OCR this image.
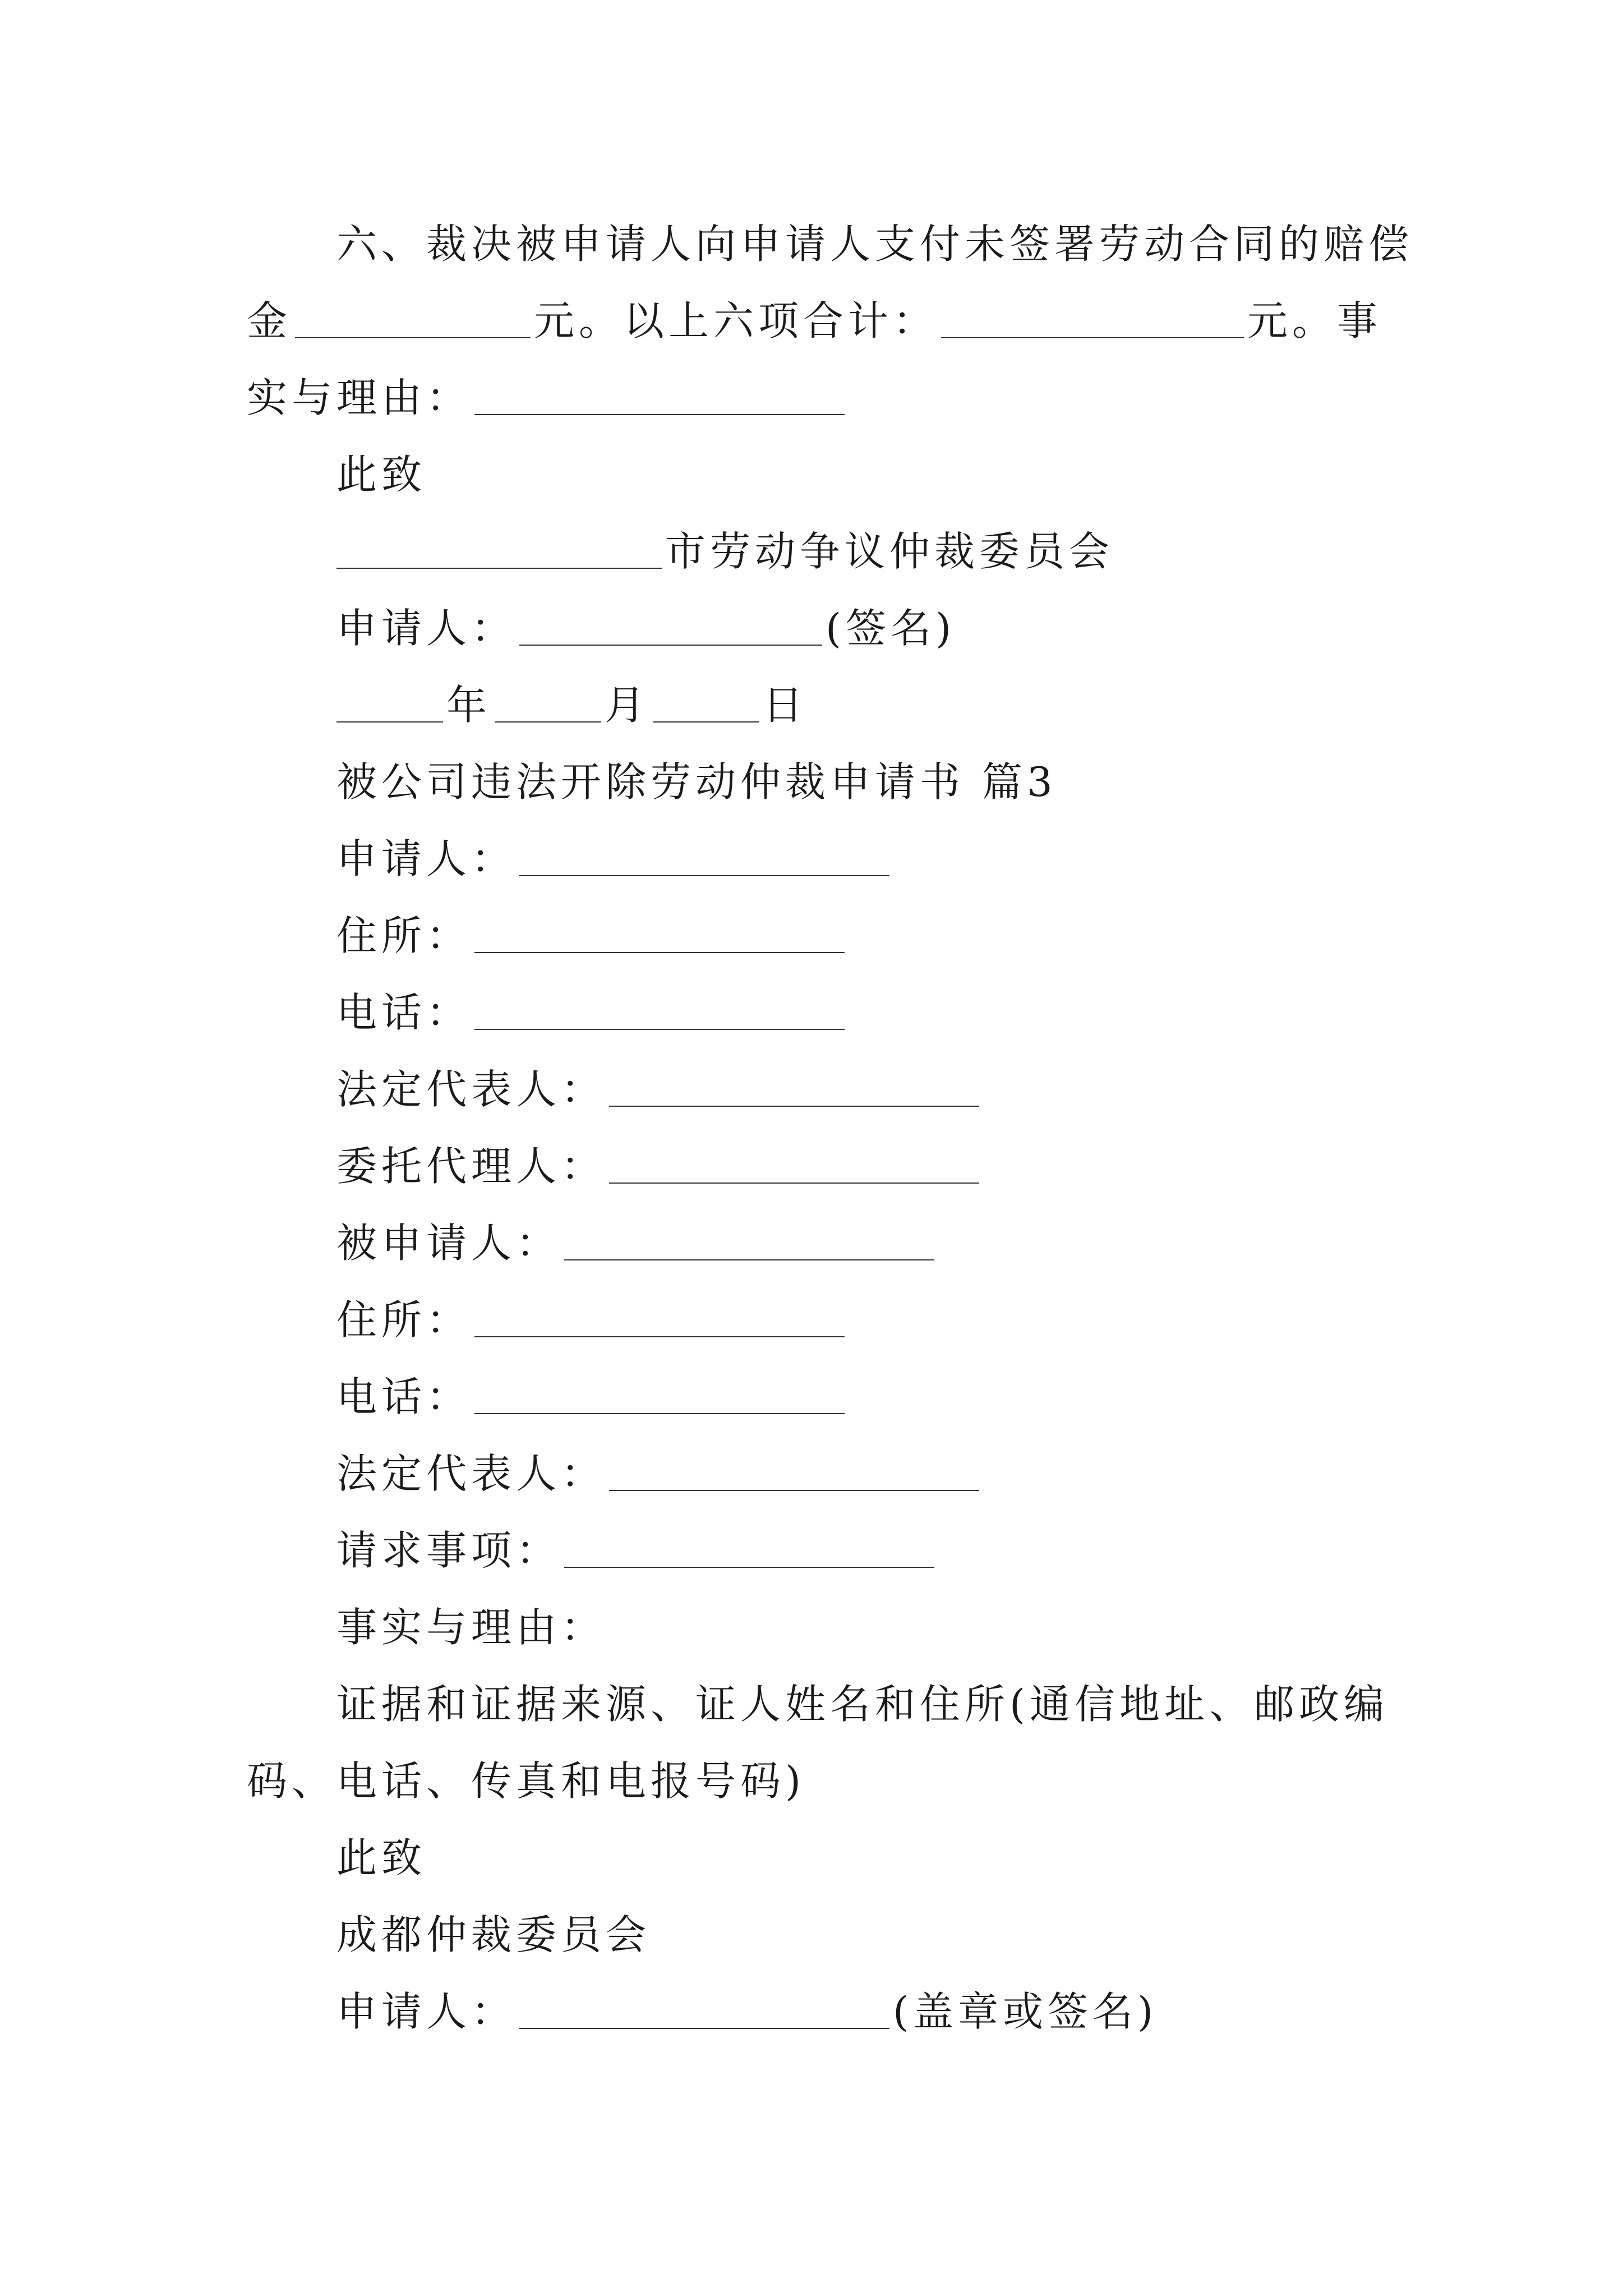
六、裁决被申请人向申请人支付未签署劳动合同的赔偿
金	元。以上六项合计：	元。事
实与理由：
此致
市劳动争议仲裁委员会
申请人：	(签名)
年	月	日
被公司违法开除劳动仲裁申请书 篇3
申请人：
住所：
电话：
法定代表人：
委托代理人：
被申请人：
住所：
电话：
法定代表人：
请求事项：
事实与理由：
证据和证据来源、证人姓名和住所(通信地址、邮政编
码、电话、传真和电报号码)
此致
成都仲裁委员会
申请人：	(盖章或签名)
